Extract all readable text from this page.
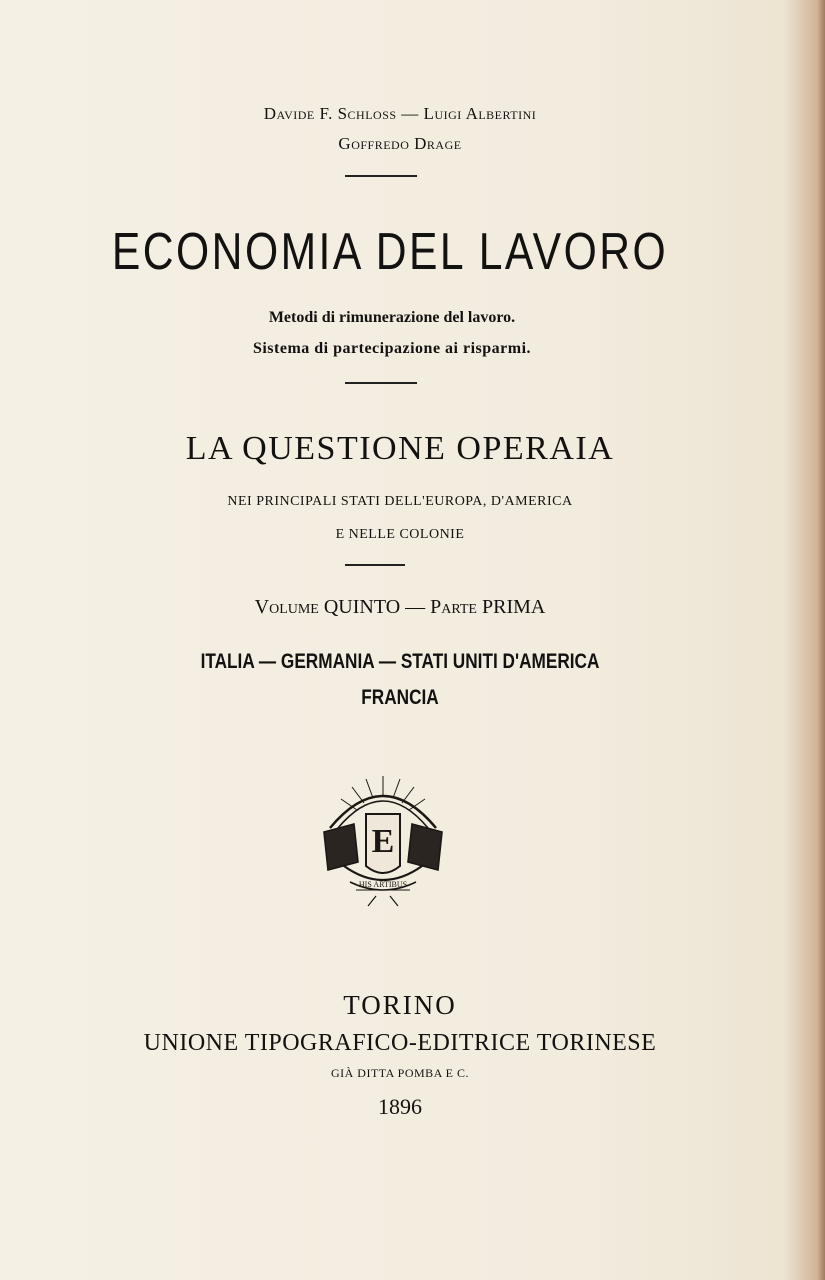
Davide F. Schloss — Luigi Albertini
Goffredo Drage
ECONOMIA DEL LAVORO
Metodi di rimunerazione del lavoro.
Sistema di partecipazione ai risparmi.
LA QUESTIONE OPERAIA
NEI PRINCIPALI STATI DELL'EUROPA, D'AMERICA
E NELLE COLONIE
Volume QUINTO — Parte PRIMA
ITALIA — GERMANIA — STATI UNITI D'AMERICA
FRANCIA
E
HIS ARTIBUS
TORINO
UNIONE TIPOGRAFICO-EDITRICE TORINESE
GIÀ DITTA POMBA E C.
1896
